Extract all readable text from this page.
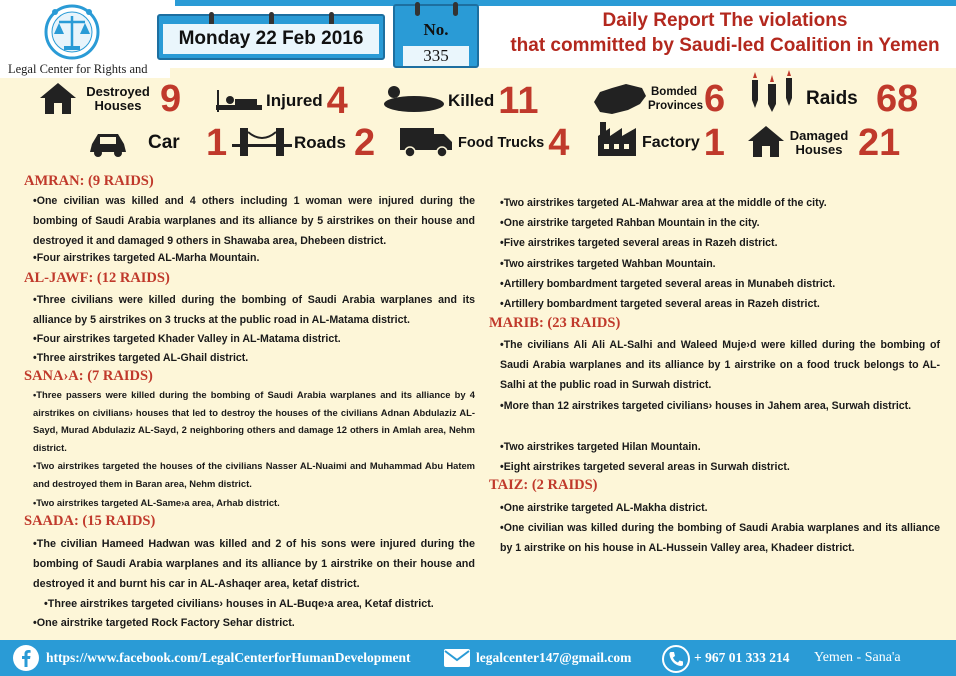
Legal Center for Rights and
Monday 22 Feb 2016	No.
335
Daily Report The violations
that committed by Saudi-led Coalition in Yemen
Destroyed Houses 9	Injured 4	Killed 11	Bomded Provinces 6	Raids 68
Car 1	Roads 2	Food Trucks 4	Factory 1	Damaged Houses 21
AMRAN: (9 RAIDS)
•One civilian was killed and 4 others including 1 woman were injured during the bombing of Saudi Arabia warplanes and its alliance by 5 airstrikes on their house and destroyed it and damaged 9 others in Shawaba area, Dhebeen district.
•Four airstrikes targeted AL-Marha Mountain.
AL-JAWF: (12 RAIDS)
•Three civilians were killed during the bombing of Saudi Arabia warplanes and its alliance by 5 airstrikes on 3 trucks at the public road in AL-Matama district.
•Four airstrikes targeted Khader Valley in AL-Matama district.
•Three airstrikes targeted AL-Ghail district.
SANA›A: (7 RAIDS)
•Three passers were killed during the bombing of Saudi Arabia warplanes and its alliance by 4 airstrikes on civilians› houses that led to destroy the houses of the civilians Adnan Abdulaziz AL-Sayd, Murad Abdulaziz AL-Sayd, 2 neighboring others and damage 12 others in Amlah area, Nehm district.
•Two airstrikes targeted the houses of the civilians Nasser AL-Nuaimi and Muhammad Abu Hatem and destroyed them in Baran area, Nehm district.
•Two airstrikes targeted AL-Same›a area, Arhab district.
SAADA: (15 RAIDS)
•The civilian Hameed Hadwan was killed and 2 of his sons were injured during the bombing of Saudi Arabia warplanes and its alliance by 1 airstrike on their house and destroyed it and burnt his car in AL-Ashaqer area, ketaf district.
•Three airstrikes targeted civilians› houses in AL-Buqe›a area, Ketaf district.
•One airstrike targeted Rock Factory Sehar district.
•Two airstrikes targeted AL-Mahwar area at the middle of the city.
•One airstrike targeted Rahban Mountain in the city.
•Five airstrikes targeted several areas in Razeh district.
•Two airstrikes targeted Wahban Mountain.
•Artillery bombardment targeted several areas in Munabeh district.
•Artillery bombardment targeted several areas in Razeh district.
MARIB: (23 RAIDS)
•The civilians Ali Ali AL-Salhi and Waleed Muje›d were killed during the bombing of Saudi Arabia warplanes and its alliance by 1 airstrike on a food truck belongs to AL-Salhi at the public road in Surwah district.
•More than 12 airstrikes targeted civilians› houses in Jahem area, Surwah district.
•Two airstrikes targeted Hilan Mountain.
•Eight airstrikes targeted several areas in Surwah district.
TAIZ: (2 RAIDS)
•One airstrike targeted AL-Makha district.
•One civilian was killed during the bombing of Saudi Arabia warplanes and its alliance by 1 airstrike on his house in AL-Hussein Valley area, Khadeer district.
https://www.facebook.com/LegalCenterforHumanDevelopment	legalcenter147@gmail.com	+ 967 01 333 214 Yemen - Sana'a
